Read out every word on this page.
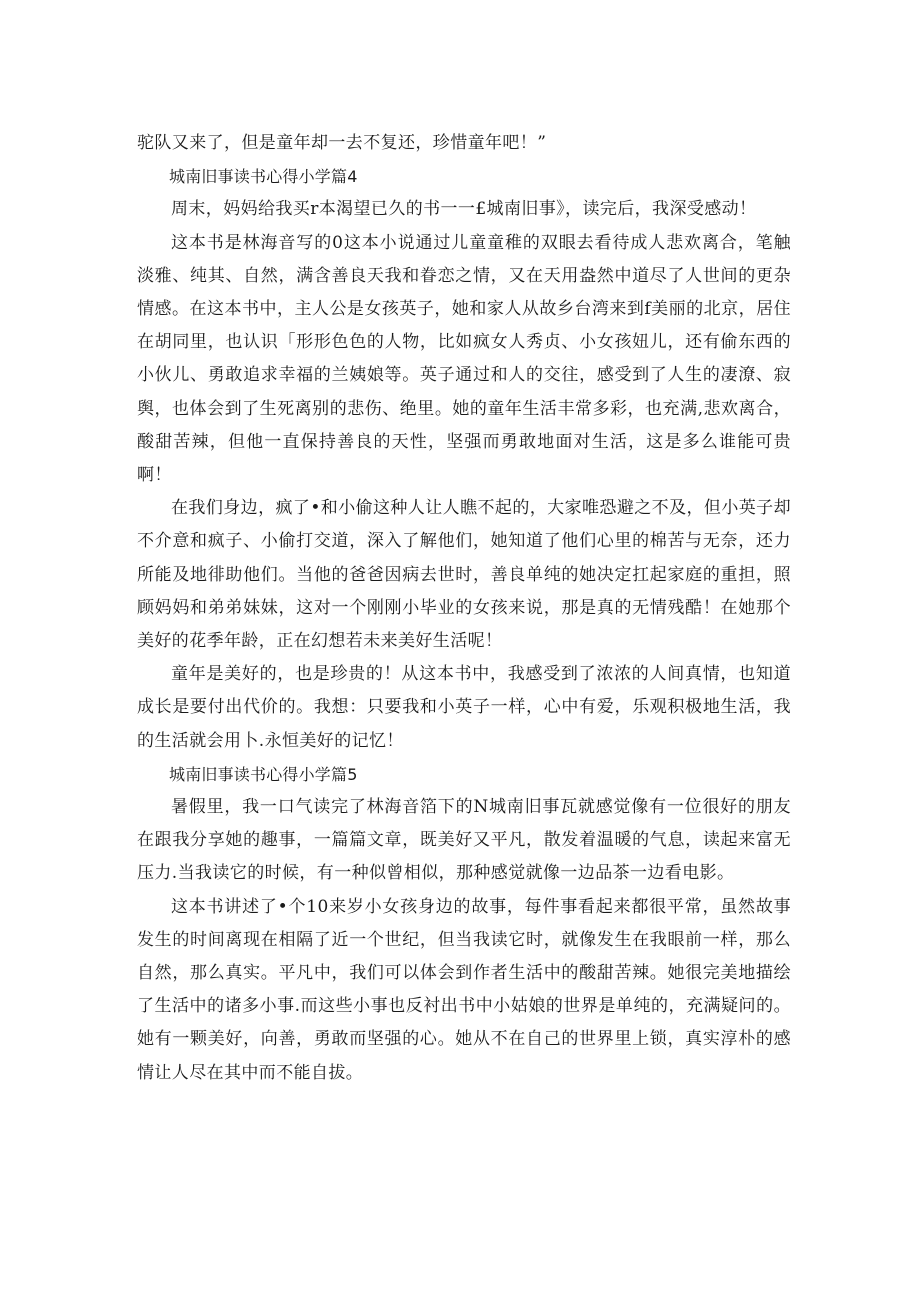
驼队又来了，但是童年却一去不复还，珍惜童年吧！”

城南旧事读书心得小学篇4

周末，妈妈给我买r本渴望已久的书一一£城南旧事》，读完后，我深受感动！

这本书是林海音写的0这本小说通过儿童童稚的双眼去看待成人悲欢离合，笔触淡雅、纯其、自然，满含善良天我和眷恋之情，又在天用盎然中道尽了人世间的更杂情感。在这本书中，主人公是女孩英子，她和家人从故乡台湾来到f美丽的北京，居住在胡同里，也认识「形形色色的人物，比如疯女人秀贞、小女孩妞儿，还有偷东西的小伙儿、勇敢追求幸福的兰姨娘等。英子通过和人的交往，感受到了人生的凄潦、寂舆，也体会到了生死离别的悲伤、绝里。她的童年生活丰常多彩，也充满,悲欢离合，酸甜苦辣，但他一直保持善良的天性，坚强而勇敢地面对生活，这是多么谁能可贵啊！

在我们身边，疯了•和小偷这种人让人瞧不起的，大家唯恐避之不及，但小英子却不介意和疯子、小偷打交道，深入了解他们，她知道了他们心里的棉苦与无奈，还力所能及地徘助他们。当他的爸爸因病去世时，善良单纯的她决定扛起家庭的重担，照顾妈妈和弟弟妹妹，这对一个刚刚小毕业的女孩来说，那是真的无情残酷！在她那个美好的花季年龄，正在幻想若未来美好生活呢！

童年是美好的，也是珍贵的！从这本书中，我感受到了浓浓的人间真情，也知道成长是要付出代价的。我想：只要我和小英子一样，心中有爱，乐观积极地生活，我的生活就会用卜.永恒美好的记忆！

城南旧事读书心得小学篇5

暑假里，我一口气读完了林海音箔下的N城南旧事瓦就感觉像有一位很好的朋友在跟我分享她的趣事，一篇篇文章，既美好又平凡，散发着温暖的气息，读起来富无压力.当我读它的时候，有一种似曾相似，那种感觉就像一边品茶一边看电影。

这本书讲述了•个10来岁小女孩身边的故事，每件事看起来都很平常，虽然故事发生的时间离现在相隔了近一个世纪，但当我读它时，就像发生在我眼前一样，那么自然，那么真实。平凡中，我们可以体会到作者生活中的酸甜苦辣。她很完美地描绘了生活中的诸多小事.而这些小事也反衬出书中小姑娘的世界是单纯的，充满疑问的。她有一颗美好，向善，勇敢而坚强的心。她从不在自己的世界里上锁，真实淳朴的感情让人尽在其中而不能自拔。
